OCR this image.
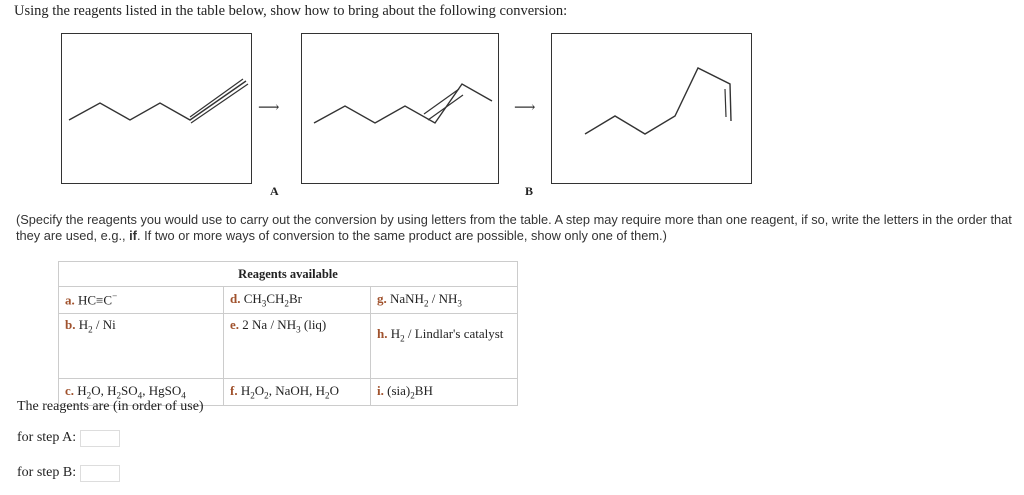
Using the reagents listed in the table below, show how to bring about the following conversion:
⟶	⟶
A	B
(Specify the reagents you would use to carry out the conversion by using letters from the table. A step may require more than one reagent, if so, write the letters in the order that they are used, e.g., if. If two or more ways of conversion to the same product are possible, show only one of them.)
Reagents available		
a. HC≡C−	d. $CH_3CH_2Br$	g. NaNH$_2$ / $NH_3$
b. $H_2$ / Ni	e. 2 Na / $NH_3$ (liq)	h. $H_2$ / Lindlar's catalyst
c. $H_2O$, $H_2SO_4$, HgSO$_4$	f. $H_2O_2$, NaOH, $H_2O$	i. $(sia)_2BH$
The reagents are (in order of use)
for step A:
for step B:
